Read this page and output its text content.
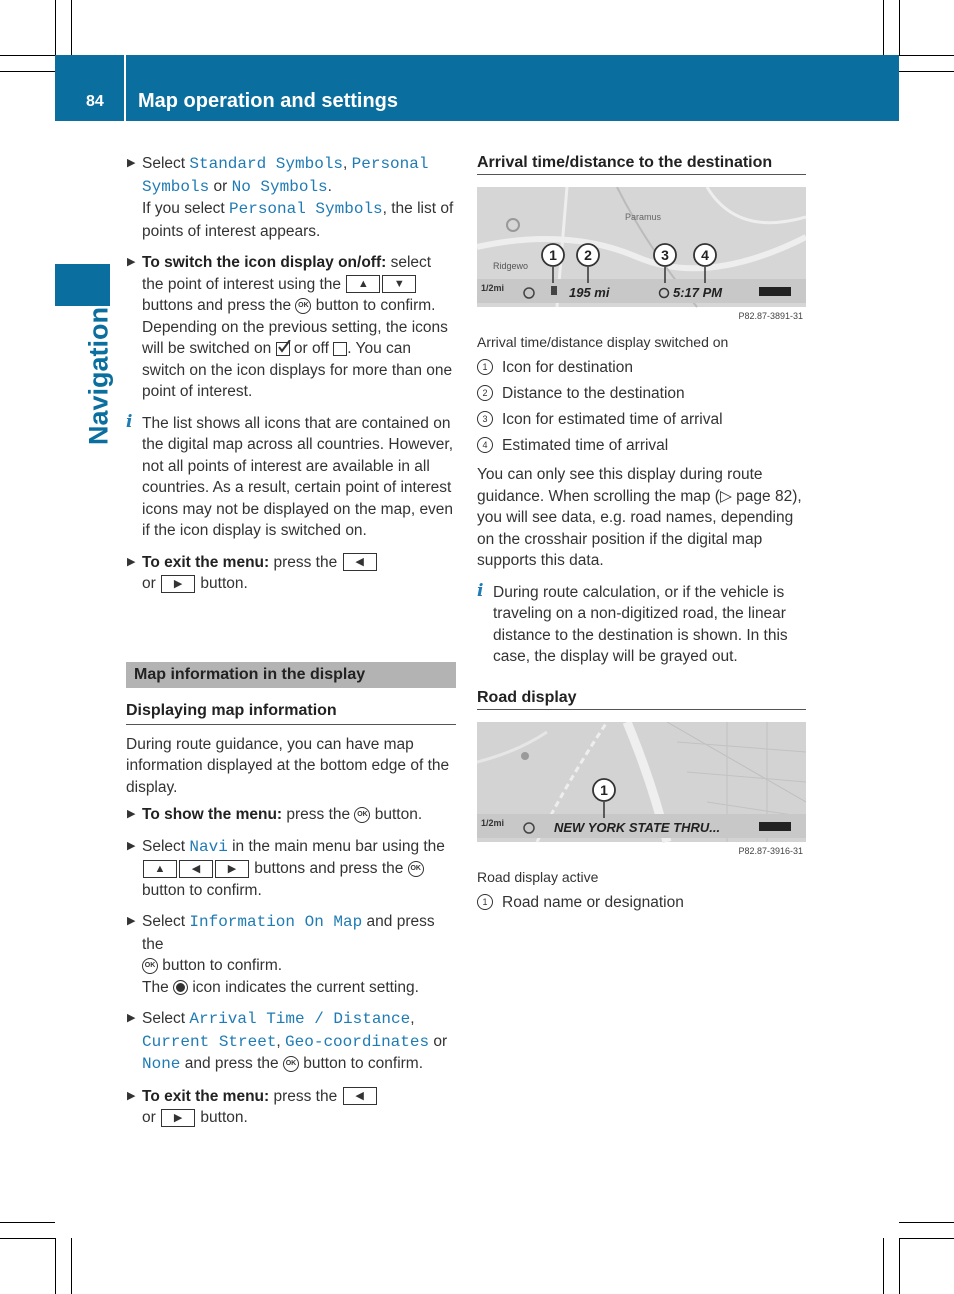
84 Map operation and settings
Navigation
▶ Select Standard Symbols, Personal Symbols or No Symbols.
If you select Personal Symbols, the list of points of interest appears.
▶ To switch the icon display on/off: select the point of interest using the ▲ ▼ buttons and press the OK button to confirm. Depending on the previous setting, the icons will be switched on
or off . You can switch on the icon displays for more than one point of interest.
i The list shows all icons that are contained on the digital map across all countries. However, not all points of interest are available in all countries. As a result, certain point of interest icons may not be displayed on the map, even if the icon display is switched on.
▶ To exit the menu: press the ◀
or ▶ button.
Map information in the display
Displaying map information

During route guidance, you can have map information displayed at the bottom edge of the display.

▶ To show the menu: press the OK button.
▶ Select Navi in the main menu bar using the
▲ ◀	▶ buttons and press the OK
button to confirm.
▶ Select Information On Map and press the
OK button to confirm.
The  icon indicates the current setting.
▶ Select Arrival Time / Distance,
Current Street, Geo-coordinates or
None and press the OK button to confirm.
▶ To exit the menu: press the ◀
or ▶ button.
Arrival time/distance to the destination
Ridgewo
Paramus
1/2mi	195 mi	5:17 PM
1 2	3 4
P82.87-3891-31

Arrival time/distance display switched on

1 Icon for destination
2 Distance to the destination
3 Icon for estimated time of arrival
4 Estimated time of arrival

You can only see this display during route guidance. When scrolling the map (▷ page 82), you will see data, e.g. road names, depending on the crosshair position if the digital map supports this data.

i During route calculation, or if the vehicle is traveling on a non-digitized road, the linear distance to the destination is shown. In this case, the display will be grayed out.
Road display
1/2mi	NEW YORK STATE THRU...
1
P82.87-3916-31

Road display active

1 Road name or designation
